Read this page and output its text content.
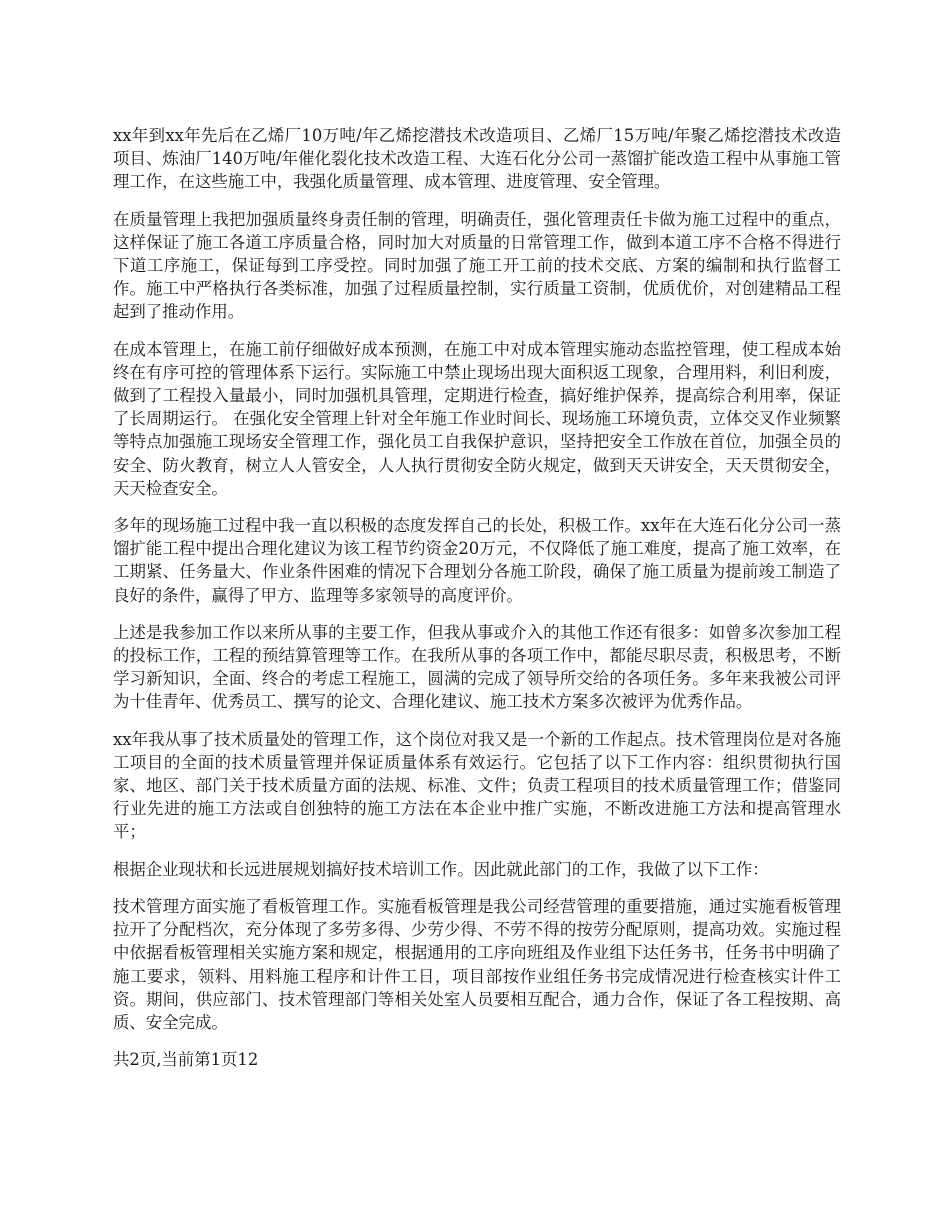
xx年到xx年先后在乙烯厂10万吨/年乙烯挖潜技术改造项目、乙烯厂15万吨/年聚乙烯挖潜技术改造项目、炼油厂140万吨/年催化裂化技术改造工程、大连石化分公司一蒸馏扩能改造工程中从事施工管理工作，在这些施工中，我强化质量管理、成本管理、进度管理、安全管理。

在质量管理上我把加强质量终身责任制的管理，明确责任，强化管理责任卡做为施工过程中的重点，这样保证了施工各道工序质量合格，同时加大对质量的日常管理工作，做到本道工序不合格不得进行下道工序施工，保证每到工序受控。同时加强了施工开工前的技术交底、方案的编制和执行监督工作。施工中严格执行各类标准，加强了过程质量控制，实行质量工资制，优质优价，对创建精品工程起到了推动作用。

在成本管理上，在施工前仔细做好成本预测，在施工中对成本管理实施动态监控管理，使工程成本始终在有序可控的管理体系下运行。实际施工中禁止现场出现大面积返工现象，合理用料，利旧利废，做到了工程投入量最小，同时加强机具管理，定期进行检查，搞好维护保养，提高综合利用率，保证了长周期运行。 在强化安全管理上针对全年施工作业时间长、现场施工环境负责，立体交叉作业频繁等特点加强施工现场安全管理工作，强化员工自我保护意识，坚持把安全工作放在首位，加强全员的安全、防火教育，树立人人管安全，人人执行贯彻安全防火规定，做到天天讲安全，天天贯彻安全，天天检查安全。

多年的现场施工过程中我一直以积极的态度发挥自己的长处，积极工作。xx年在大连石化分公司一蒸馏扩能工程中提出合理化建议为该工程节约资金20万元，不仅降低了施工难度，提高了施工效率，在工期紧、任务量大、作业条件困难的情况下合理划分各施工阶段，确保了施工质量为提前竣工制造了良好的条件，赢得了甲方、监理等多家领导的高度评价。

上述是我参加工作以来所从事的主要工作，但我从事或介入的其他工作还有很多：如曾多次参加工程的投标工作，工程的预结算管理等工作。在我所从事的各项工作中，都能尽职尽责，积极思考，不断学习新知识，全面、终合的考虑工程施工，圆满的完成了领导所交给的各项任务。多年来我被公司评为十佳青年、优秀员工、撰写的论文、合理化建议、施工技术方案多次被评为优秀作品。

xx年我从事了技术质量处的管理工作，这个岗位对我又是一个新的工作起点。技术管理岗位是对各施工项目的全面的技术质量管理并保证质量体系有效运行。它包括了以下工作内容：组织贯彻执行国家、地区、部门关于技术质量方面的法规、标准、文件；负责工程项目的技术质量管理工作；借鉴同行业先进的施工方法或自创独特的施工方法在本企业中推广实施，不断改进施工方法和提高管理水平；

根据企业现状和长远进展规划搞好技术培训工作。因此就此部门的工作，我做了以下工作：

技术管理方面实施了看板管理工作。实施看板管理是我公司经营管理的重要措施，通过实施看板管理拉开了分配档次，充分体现了多劳多得、少劳少得、不劳不得的按劳分配原则，提高功效。实施过程中依据看板管理相关实施方案和规定，根据通用的工序向班组及作业组下达任务书，任务书中明确了施工要求，领料、用料施工程序和计件工日，项目部按作业组任务书完成情况进行检查核实计件工资。期间，供应部门、技术管理部门等相关处室人员要相互配合，通力合作，保证了各工程按期、高质、安全完成。

共2页,当前第1页12
